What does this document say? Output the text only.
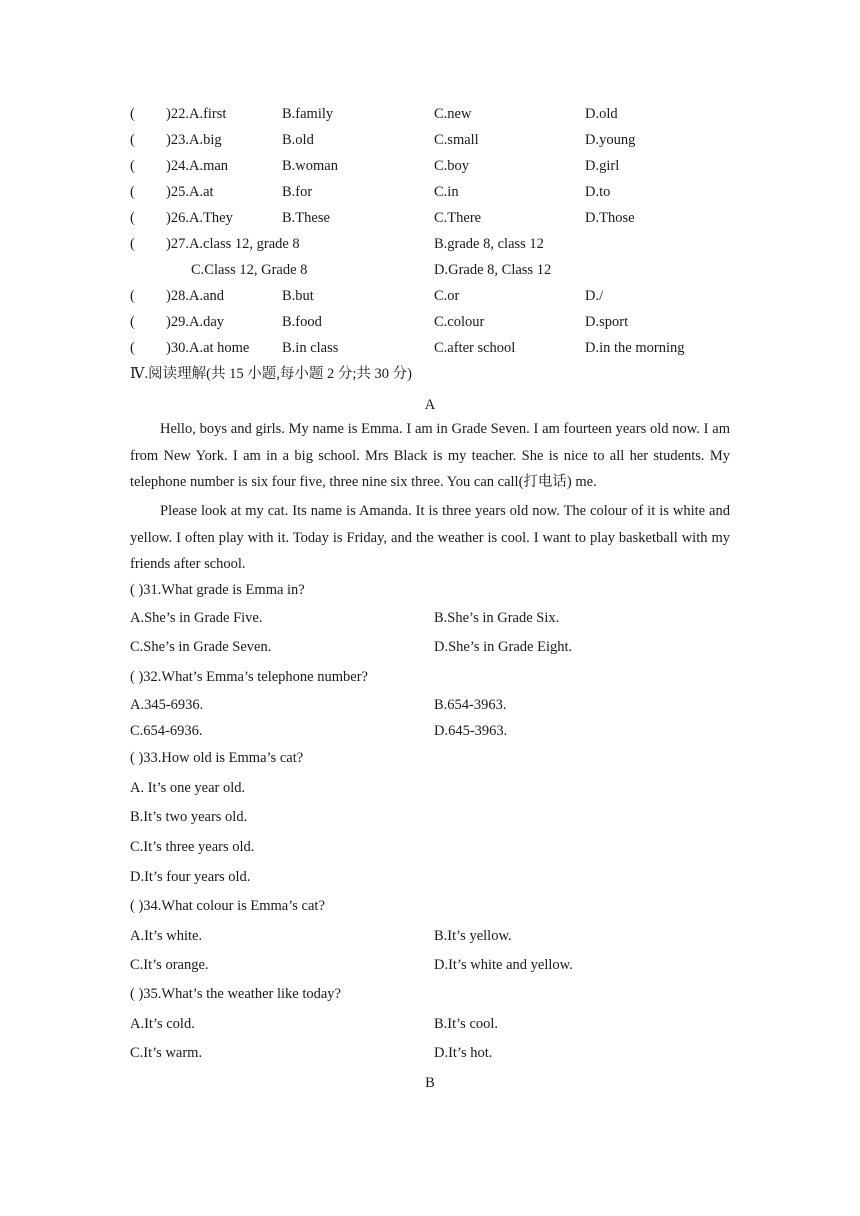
( )22.A.first	B.family	C.new	D.old
( )23.A.big	B.old	C.small	D.young
( )24.A.man	B.woman	C.boy	D.girl
( )25.A.at	B.for	C.in	D.to
( )26.A.They	B.These	C.There	D.Those
( )27.A.class 12, grade 8	B.grade 8, class 12
C.Class 12, Grade 8	D.Grade 8, Class 12
( )28.A.and	B.but	C.or	D./
( )29.A.day	B.food	C.colour	D.sport
( )30.A.at home B.in class	C.after school	D.in the morning
Ⅳ.阅读理解(共 15 小题,每小题 2 分;共 30 分)
A

Hello, boys and girls. My name is Emma. I am in Grade Seven. I am fourteen years old now. I am from New York. I am in a big school. Mrs Black is my teacher. She is nice to all her students. My telephone number is six four five, three nine six three. You can call(打电话) me.

Please look at my cat. Its name is Amanda. It is three years old now. The colour of it is white and yellow. I often play with it. Today is Friday, and the weather is cool. I want to play basketball with my friends after school.

( )31.What grade is Emma in?
A.She’s in Grade Five.	B.She’s in Grade Six.
C.She’s in Grade Seven.	D.She’s in Grade Eight.
( )32.What’s Emma’s telephone number?
A.345-6936.	B.654-3963.
C.654-6936.	D.645-3963.
( )33.How old is Emma’s cat?
A. It’s one year old.
B.It’s two years old.
C.It’s three years old.
D.It’s four years old.
( )34.What colour is Emma’s cat?
A.It’s white.	B.It’s yellow.
C.It’s orange.	D.It’s white and yellow.
( )35.What’s the weather like today?
A.It’s cold.	B.It’s cool.
C.It’s warm.	D.It’s hot.
B
